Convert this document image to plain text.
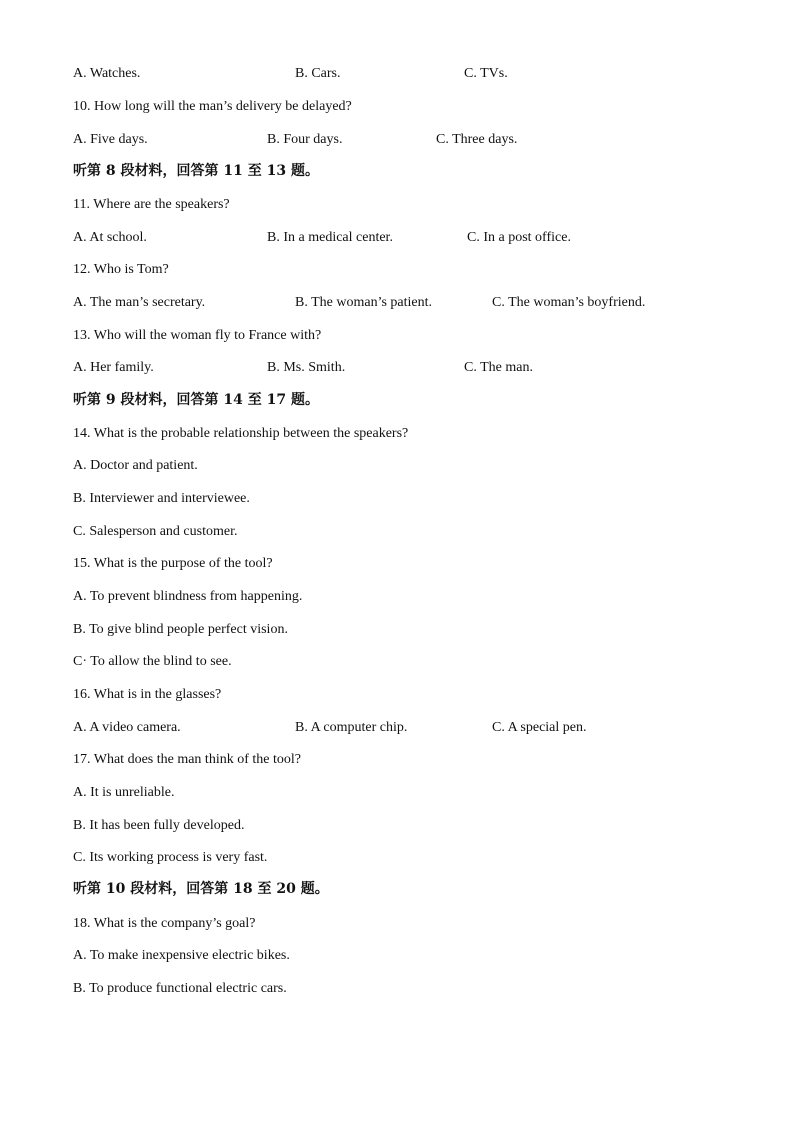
A. Watches.	B. Cars.	C. TVs.
10. How long will the man’s delivery be delayed?
A. Five days.	B. Four days.	C. Three days.
听第 8 段材料，回答第 11 至 13 题。
11. Where are the speakers?
A. At school.	B. In a medical center.	C. In a post office.
12. Who is Tom?
A. The man’s secretary.	B. The woman’s patient.	C. The woman’s boyfriend.
13. Who will the woman fly to France with?
A. Her family.	B. Ms. Smith.	C. The man.
听第 9 段材料，回答第 14 至 17 题。
14. What is the probable relationship between the speakers?
A. Doctor and patient.
B. Interviewer and interviewee.
C. Salesperson and customer.
15. What is the purpose of the tool?
A. To prevent blindness from happening.
B. To give blind people perfect vision.
C· To allow the blind to see.
16. What is in the glasses?
A. A video camera.	B. A computer chip.	C. A special pen.
17. What does the man think of the tool?
A. It is unreliable.
B. It has been fully developed.
C. Its working process is very fast.
听第 10 段材料，回答第 18 至 20 题。
18. What is the company’s goal?
A. To make inexpensive electric bikes.
B. To produce functional electric cars.
